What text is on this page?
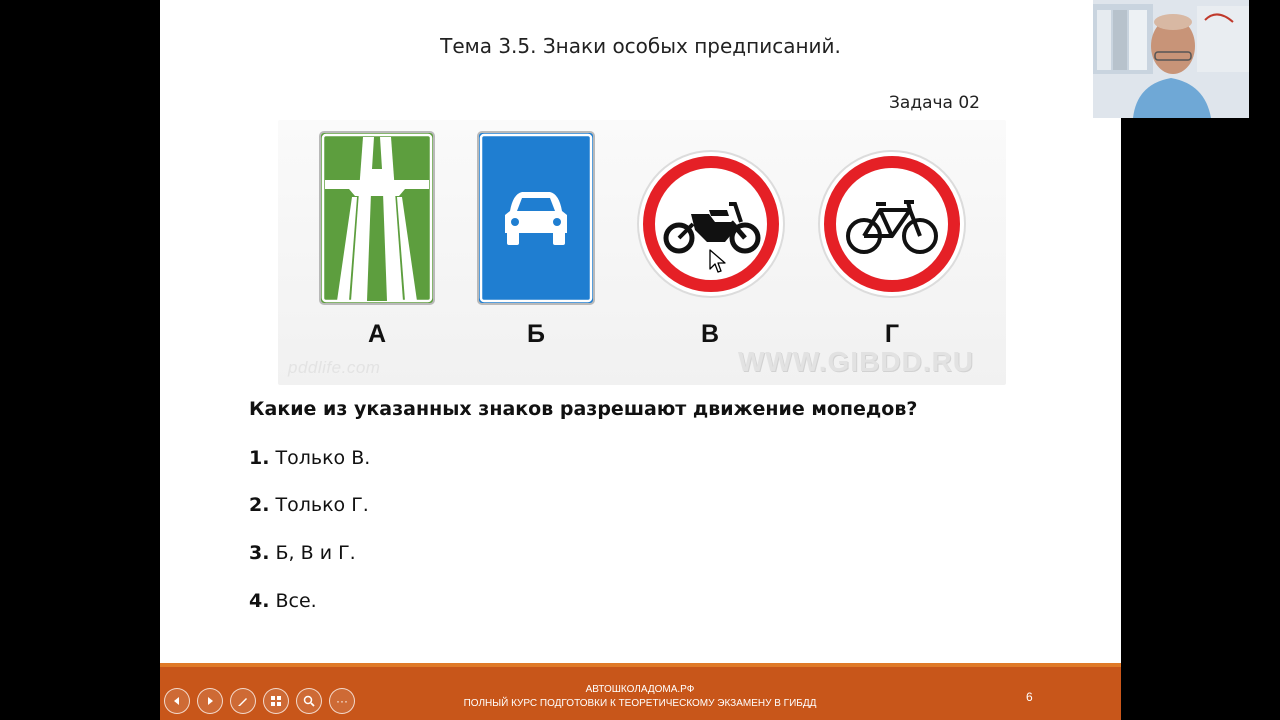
Тема 3.5. Знаки особых предписаний.
Задача 02
А	Б	В	Г
pddlife.com	WWW.GIBDD.RU
Какие из указанных знаков разрешают движение мопедов?
1. Только В.
2. Только Г.
3. Б, В и Г.
4. Все.
АВТОШКОЛАДОМА.РФ
ПОЛНЫЙ КУРС ПОДГОТОВКИ К ТЕОРЕТИЧЕСКОМУ ЭКЗАМЕНУ В ГИБДД	6
···
